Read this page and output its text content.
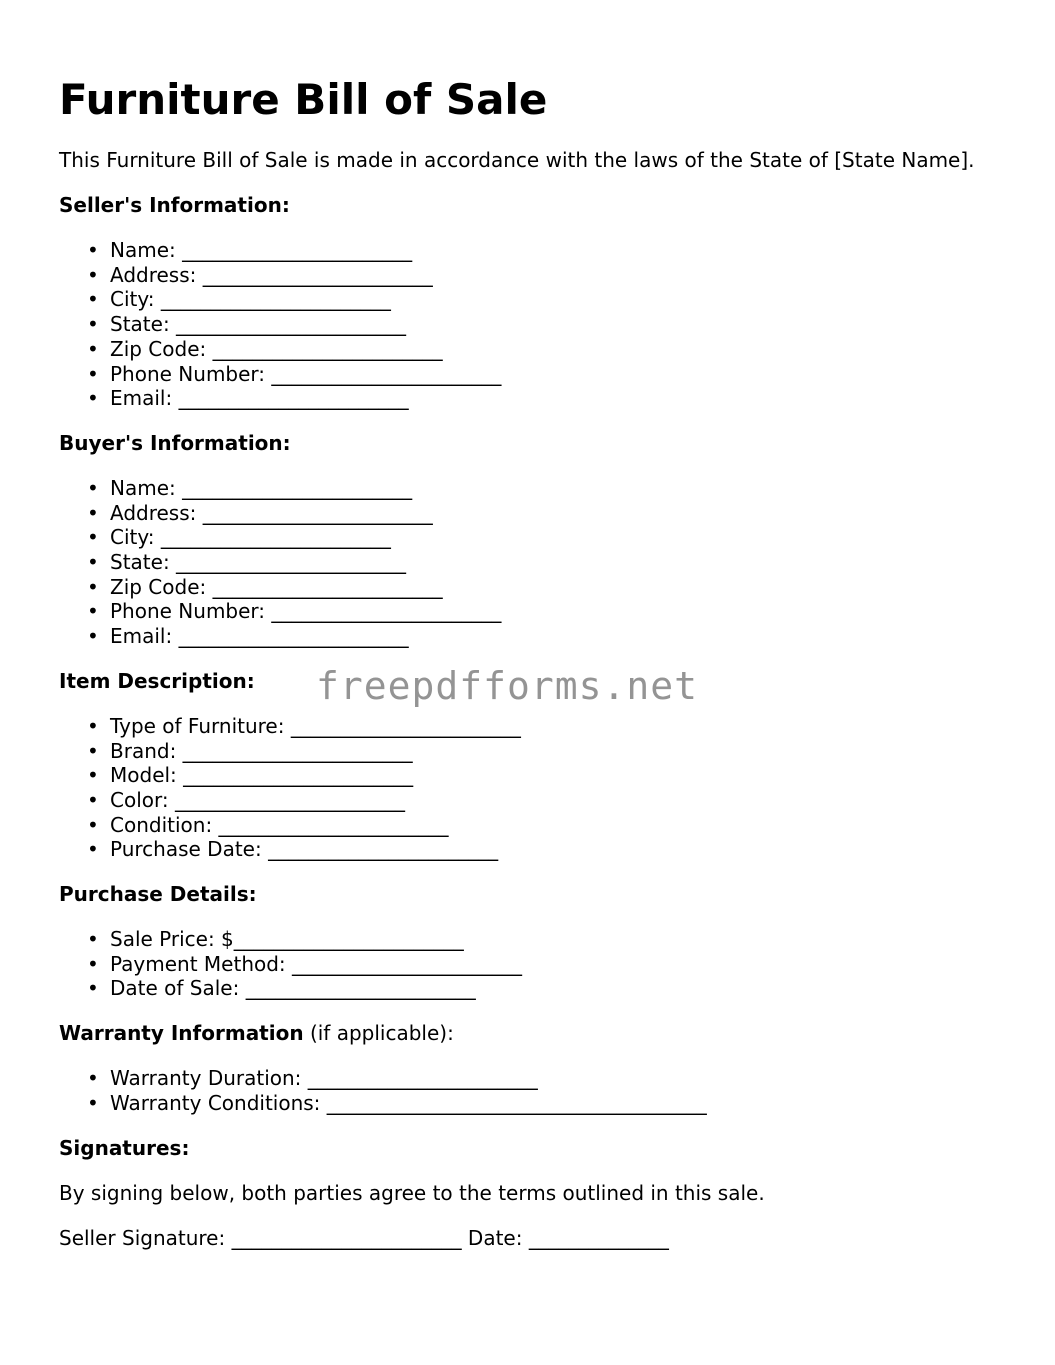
Furniture Bill of Sale

This Furniture Bill of Sale is made in accordance with the laws of the State of [State Name].

Seller's Information:
• Name: _______________________
• Address: _______________________
• City: _______________________
• State: _______________________
• Zip Code: _______________________
• Phone Number: _______________________
• Email: _______________________
Buyer's Information:
• Name: _______________________
• Address: _______________________
• City: _______________________
• State: _______________________
• Zip Code: _______________________
• Phone Number: _______________________
• Email: _______________________
Item Description:
• Type of Furniture: _______________________
• Brand: _______________________
• Model: _______________________
• Color: _______________________
• Condition: _______________________
• Purchase Date: _______________________
Purchase Details:
• Sale Price: $_______________________
• Payment Method: _______________________
• Date of Sale: _______________________
Warranty Information (if applicable):
• Warranty Duration: _______________________
• Warranty Conditions: ______________________________________
Signatures:

By signing below, both parties agree to the terms outlined in this sale.

Seller Signature: _______________________ Date: ______________

freepdfforms.net
